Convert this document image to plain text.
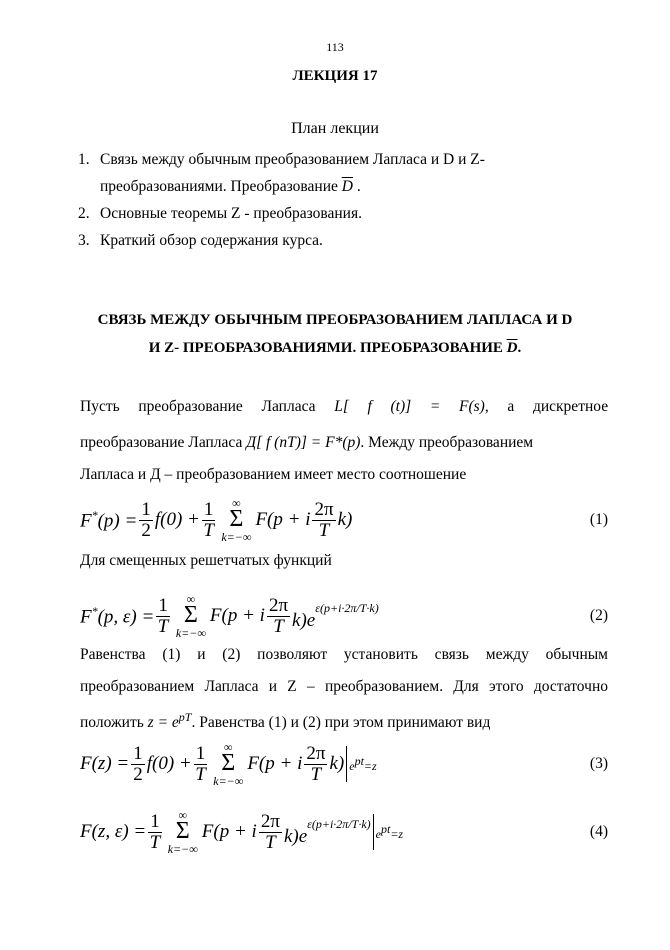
113
ЛЕКЦИЯ 17
План лекции
1. Связь между обычным преобразованием Лапласа и D и Z-
преобразованиями. Преобразование $\overline{D}$ .
2. Основные теоремы Z - преобразования.
3. Краткий обзор содержания курса.
СВЯЗЬ МЕЖДУ ОБЫЧНЫМ ПРЕОБРАЗОВАНИЕМ ЛАПЛАСА И D
И Z- ПРЕОБРАЗОВАНИЯМИ. ПРЕОБРАЗОВАНИЕ $\overline{D}$.
Пусть преобразование Лапласа L[ f (t)] = F(s), а дискретное
преобразование Лапласа Д[ f (nT)] = F*(p). Между преобразованием
Лапласа и Д – преобразованием имеет место соотношение
$F^*(p) = \frac{1}{2} f(0) + \frac{1}{T}$ ∞
Σ
k=−∞
F(p + i $\frac{2\pi}{T} k$)	(1)
Для смещенных решетчатых функций
F*(p, $\varepsilon) = \frac{1}{T}$ ∞
Σ
k=−∞
F(p + i $\frac{2\pi}{T} k)e^{\varepsilon(p+i\cdot 2\pi/T\cdot k)}$	(2)
Равенства (1) и (2) позволяют установить связь между обычным
преобразованием Лапласа и Z – преобразованием. Для этого достаточно
положить $z = e^{pT}$. Равенства (1) и (2) при этом принимают вид
$F(z) = \frac{1}{2} f(0) + \frac{1}{T}$ ∞
Σ
k=−∞
F(p + i $\frac{2\pi}{T} k$) $e^{pt}=z$	(3)
F(z, $\varepsilon) = \frac{1}{T}$ ∞
Σ
k=−∞
F(p + i $\frac{2\pi}{T} k)e^{\varepsilon(p+i\cdot 2\pi/T\cdot k)}$
$e^{pt}=z$	(4)
